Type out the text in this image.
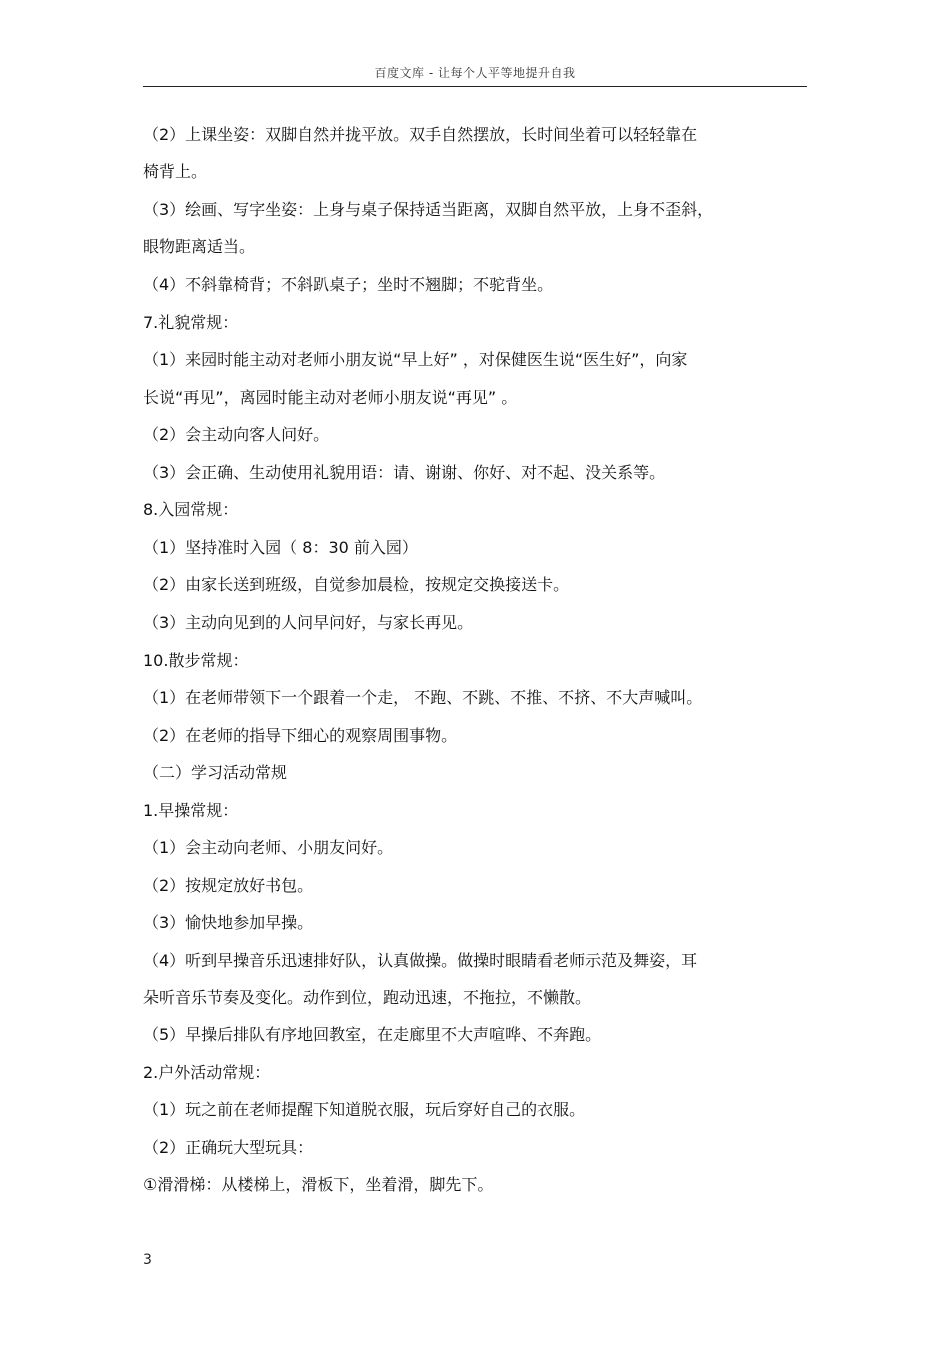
百度文库 - 让每个人平等地提升自我
（2）上课坐姿：双脚自然并拢平放。双手自然摆放，长时间坐着可以轻轻靠在
椅背上。
（3）绘画、写字坐姿：上身与桌子保持适当距离，双脚自然平放，上身不歪斜，
眼物距离适当。
（4）不斜靠椅背；不斜趴桌子；坐时不翘脚；不驼背坐。
7.礼貌常规：
（1）来园时能主动对老师小朋友说“早上好” ，对保健医生说“医生好”，向家
长说“再见”，离园时能主动对老师小朋友说“再见” 。
（2）会主动向客人问好。
（3）会正确、生动使用礼貌用语：请、谢谢、你好、对不起、没关系等。
8.入园常规：
（1）坚持准时入园（ 8：30 前入园）
（2）由家长送到班级，自觉参加晨检，按规定交换接送卡。
（3）主动向见到的人问早问好，与家长再见。
10.散步常规：
（1）在老师带领下一个跟着一个走， 不跑、不跳、不推、不挤、不大声喊叫。
（2）在老师的指导下细心的观察周围事物。
（二）学习活动常规
1.早操常规：
（1）会主动向老师、小朋友问好。
（2）按规定放好书包。
（3）愉快地参加早操。
（4）听到早操音乐迅速排好队，认真做操。做操时眼睛看老师示范及舞姿，耳
朵听音乐节奏及变化。动作到位，跑动迅速，不拖拉，不懒散。
（5）早操后排队有序地回教室，在走廊里不大声喧哗、不奔跑。
2.户外活动常规：
（1）玩之前在老师提醒下知道脱衣服，玩后穿好自己的衣服。
（2）正确玩大型玩具：
①滑滑梯：从楼梯上，滑板下，坐着滑，脚先下。
3
